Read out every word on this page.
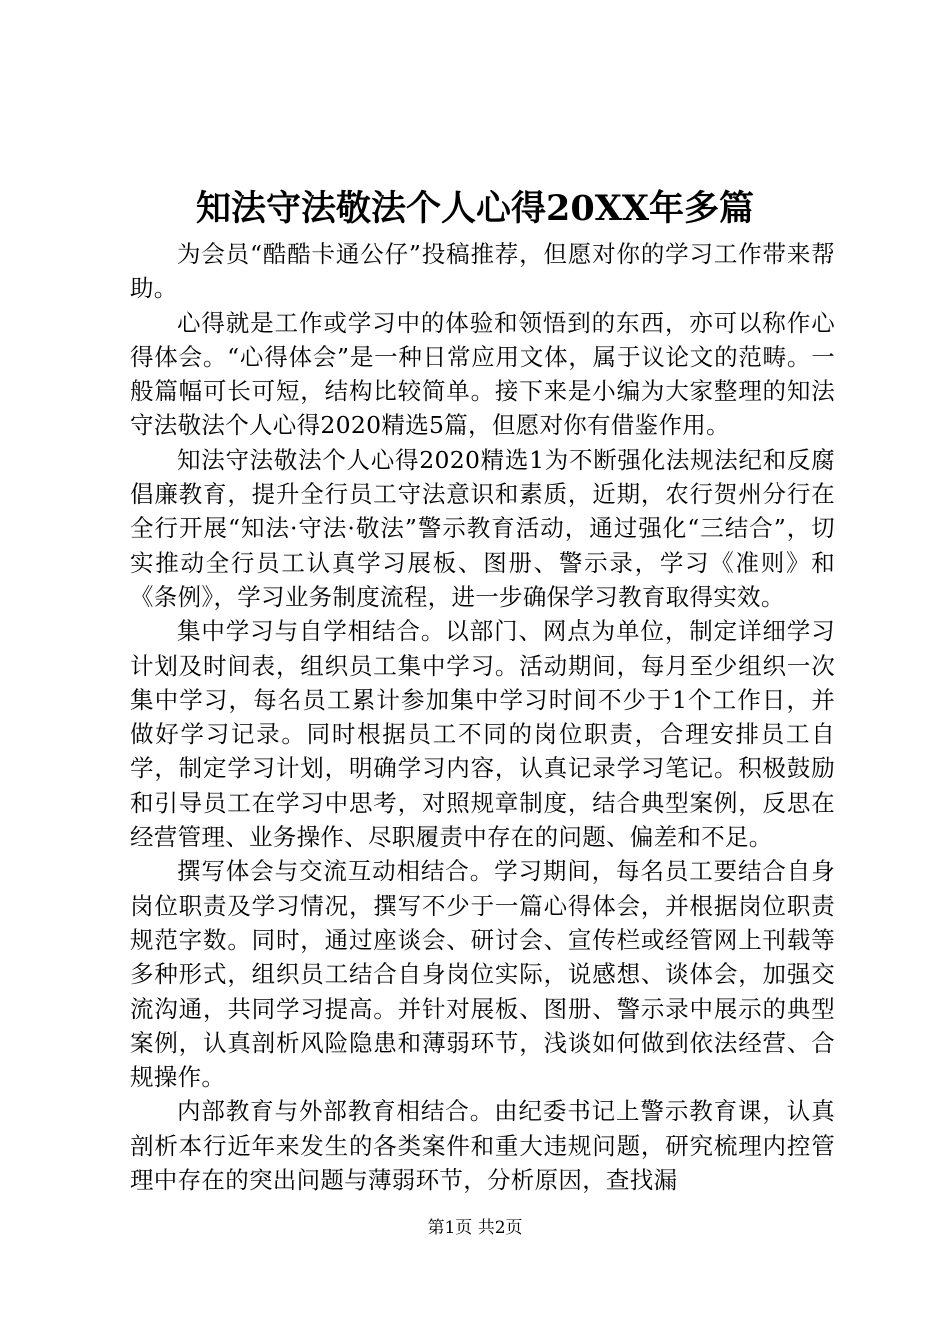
知法守法敬法个人心得20XX年多篇

为会员“酷酷卡通公仔”投稿推荐，但愿对你的学习工作带来帮助。

心得就是工作或学习中的体验和领悟到的东西，亦可以称作心得体会。“心得体会”是一种日常应用文体，属于议论文的范畴。一般篇幅可长可短，结构比较简单。接下来是小编为大家整理的知法守法敬法个人心得2020精选5篇，但愿对你有借鉴作用。

知法守法敬法个人心得2020精选1为不断强化法规法纪和反腐倡廉教育，提升全行员工守法意识和素质，近期，农行贺州分行在全行开展“知法·守法·敬法”警示教育活动，通过强化“三结合”，切实推动全行员工认真学习展板、图册、警示录，学习《准则》和《条例》，学习业务制度流程，进一步确保学习教育取得实效。

集中学习与自学相结合。以部门、网点为单位，制定详细学习计划及时间表，组织员工集中学习。活动期间，每月至少组织一次集中学习，每名员工累计参加集中学习时间不少于1个工作日，并做好学习记录。同时根据员工不同的岗位职责，合理安排员工自学，制定学习计划，明确学习内容，认真记录学习笔记。积极鼓励和引导员工在学习中思考，对照规章制度，结合典型案例，反思在经营管理、业务操作、尽职履责中存在的问题、偏差和不足。

撰写体会与交流互动相结合。学习期间，每名员工要结合自身岗位职责及学习情况，撰写不少于一篇心得体会，并根据岗位职责规范字数。同时，通过座谈会、研讨会、宣传栏或经管网上刊载等多种形式，组织员工结合自身岗位实际，说感想、谈体会，加强交流沟通，共同学习提高。并针对展板、图册、警示录中展示的典型案例，认真剖析风险隐患和薄弱环节，浅谈如何做到依法经营、合规操作。

内部教育与外部教育相结合。由纪委书记上警示教育课，认真剖析本行近年来发生的各类案件和重大违规问题，研究梳理内控管理中存在的突出问题与薄弱环节，分析原因，查找漏

第1页 共2页
